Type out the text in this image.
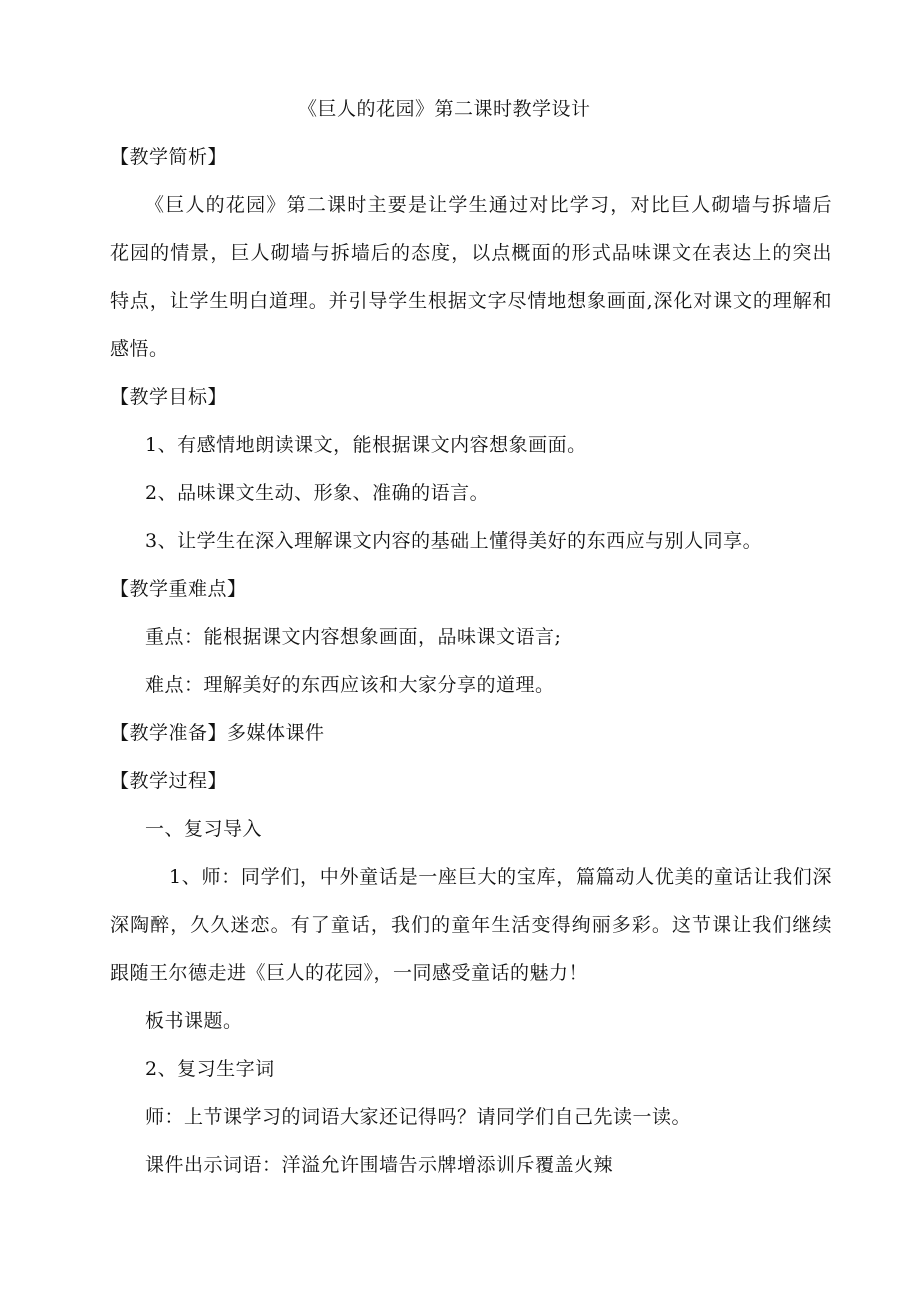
《巨人的花园》第二课时教学设计
【教学简析】
《巨人的花园》第二课时主要是让学生通过对比学习，对比巨人砌墙与拆墙后
花园的情景，巨人砌墙与拆墙后的态度，以点概面的形式品味课文在表达上的突出
特点，让学生明白道理。并引导学生根据文字尽情地想象画面,深化对课文的理解和
感悟。
【教学目标】
1、有感情地朗读课文，能根据课文内容想象画面。
2、品味课文生动、形象、准确的语言。
3、让学生在深入理解课文内容的基础上懂得美好的东西应与别人同享。
【教学重难点】
重点：能根据课文内容想象画面，品味课文语言;
难点：理解美好的东西应该和大家分享的道理。
【教学准备】多媒体课件
【教学过程】
一、复习导入
1、师：同学们，中外童话是一座巨大的宝库，篇篇动人优美的童话让我们深
深陶醉，久久迷恋。有了童话，我们的童年生活变得绚丽多彩。这节课让我们继续
跟随王尔德走进《巨人的花园》，一同感受童话的魅力！
板书课题。
2、复习生字词
师：上节课学习的词语大家还记得吗？请同学们自己先读一读。
课件出示词语：洋溢允许围墙告示牌增添训斥覆盖火辣
